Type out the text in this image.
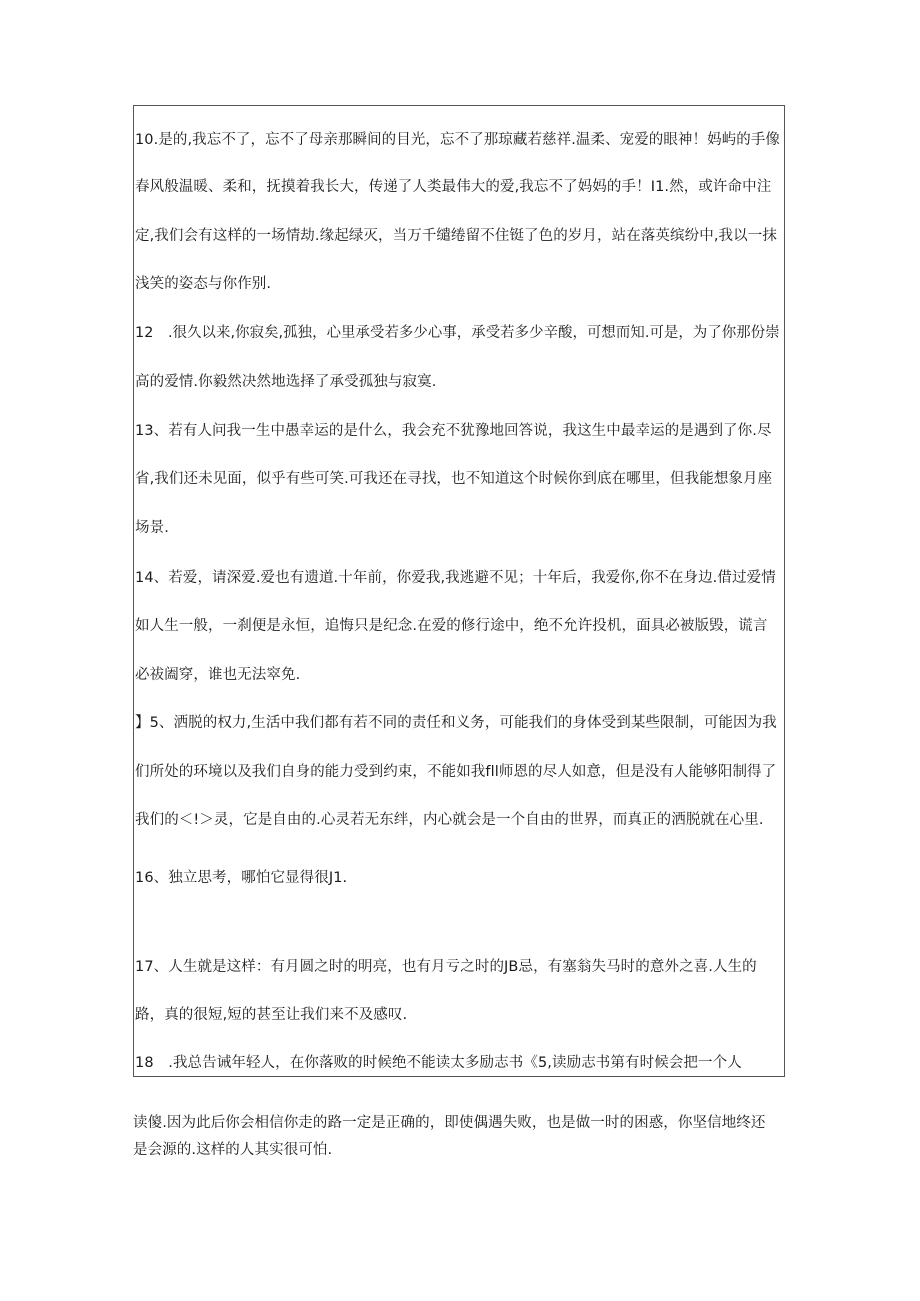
10.是的,我忘不了，忘不了母亲那瞬间的目光，忘不了那琼藏若慈祥.温柔、宠爱的眼神！妈屿的手像
春风般温暖、柔和，抚摸着我长大，传递了人类最伟大的爱,我忘不了妈妈的手！I1.然，或许命中注
定,我们会有这样的一场情劫.缘起绿灭，当万千缱绻留不住铤了色的岁月，站在落英缤纷中,我以一抹
浅笑的姿态与你作别.
12　.很久以来,你寂矣,孤独，心里承受若多少心事，承受若多少辛酸，可想而知.可是，为了你那份崇
高的爱情.你毅然决然地选择了承受孤独与寂寞.
13、若有人问我一生中愚幸运的是什么，我会充不犹豫地回答说，我这生中最幸运的是遇到了你.尽
省,我们还未见面，似乎有些可笑.可我还在寻找，也不知道这个时候你到底在哪里，但我能想象月座
场景.
14、若爱，请深爱.爱也有遗道.十年前，你爱我,我逃避不见；十年后，我爱你,你不在身边.借过爱情
如人生一般，一刹便是永恒，追悔只是纪念.在爱的修行途中，绝不允许投机，面具必被版毁，谎言
必祓阖穿，谁也无法窣免.
】5、洒脱的权力,生活中我们都有若不同的责任和义务，可能我们的身体受到某些限制，可能因为我
们所处的环境以及我们自身的能力受到约束，不能如我fll师恩的尽人如意，但是没有人能够阳制得了
我们的＜!＞灵，它是自由的.心灵若无东绊，内心就会是一个自由的世界，而真正的洒脱就在心里.
16、独立思考，哪怕它显得很J1.
17、人生就是这样：有月圆之时的明亮，也有月亏之时的JB忌，有塞翁失马时的意外之喜.人生的
路，真的很短,短的甚至让我们来不及感叹.
18　.我总告诫年轻人，在你落败的时候绝不能读太多励志书《5,读励志书第有时候会把一个人
读傻.因为此后你会相信你走的路一定是正确的，即使偶遇失败，也是做一时的困惑，你坚信地终还
是会源的.这样的人其实很可怕.
